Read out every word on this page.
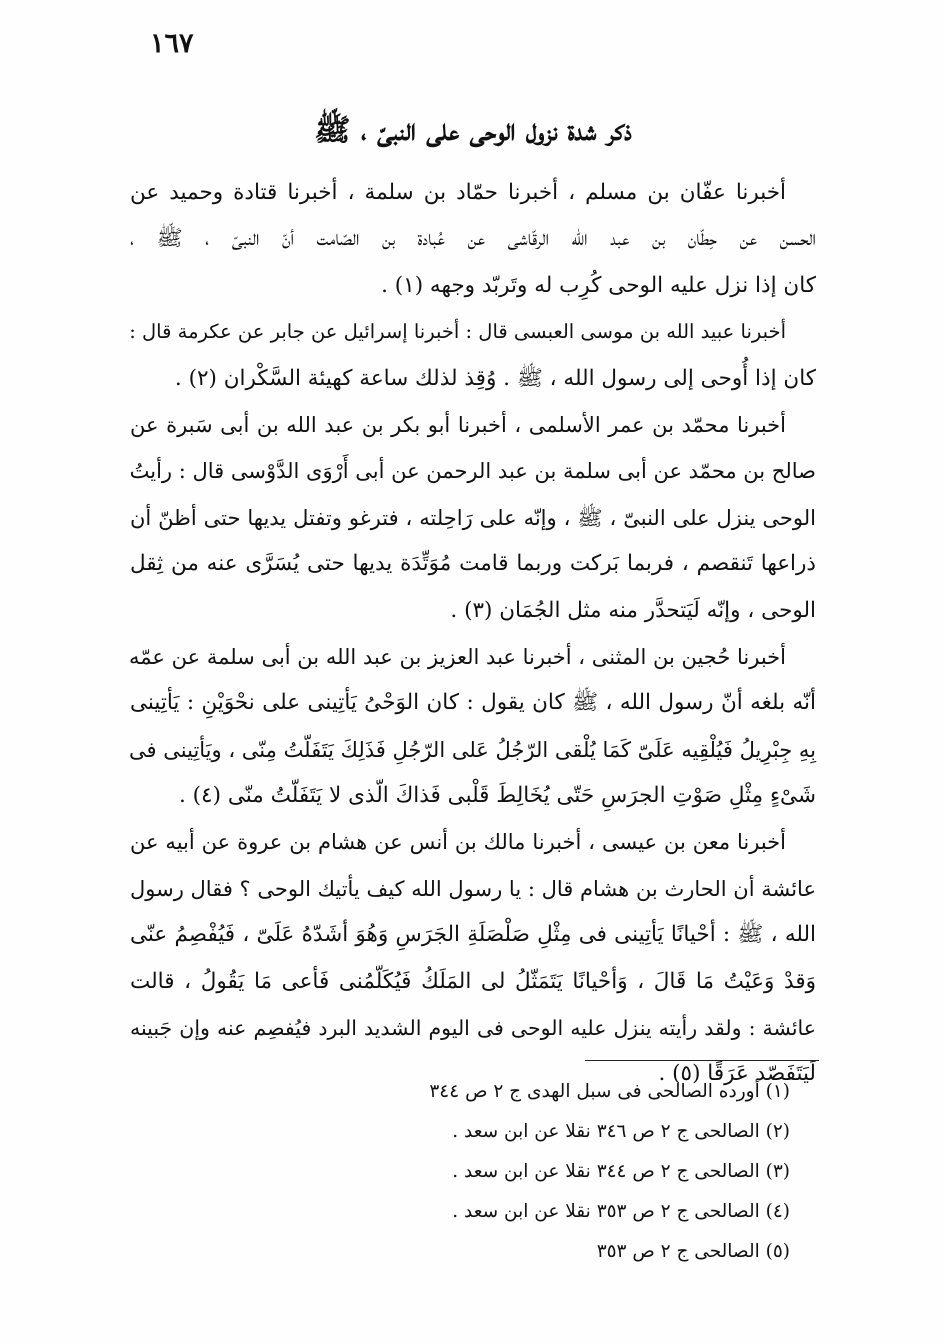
١٦٧
ذكر شدة نزول الوحى على النبىّ ، ﷺ
أخبرنا عفّان بن مسلم ، أخبرنا حمّاد بن سلمة ، أخبرنا قتادة وحميد عن
الحسن عن حِطّان بن عبد الله الرقّاشى عن عُبادة بن الصّامت أنّ النبىّ ، ﷺ ،
كان إذا نزل عليه الوحى كُرِب له وتَربّد وجهه (١) .
أخبرنا عبيد الله بن موسى العبسى قال : أخبرنا إسرائيل عن جابر عن عكرمة قال :
كان إذا أُوحى إلى رسول الله ، ﷺ . وُقِذ لذلك ساعة كهيئة السَّكْران (٢) .
أخبرنا محمّد بن عمر الأسلمى ، أخبرنا أبو بكر بن عبد الله بن أبى سَبرة عن
صالح بن محمّد عن أبى سلمة بن عبد الرحمن عن أبى أَرْوَى الدَّوْسى قال : رأيتُ
الوحى ينزل على النبىّ ، ﷺ ، وإنّه على رَاحِلته ، فترغو وتفتل يديها حتى أظنّ أن
ذراعها تَنقصم ، فربما بَركت وربما قامت مُوَتِّدَة يديها حتى يُسَرَّى عنه من ثِقل
الوحى ، وإنّه لَيَتحدَّر منه مثل الجُمَان (٣) .
أخبرنا حُجين بن المثنى ، أخبرنا عبد العزيز بن عبد الله بن أبى سلمة عن عمّه
أنّه بلغه أنّ رسول الله ، ﷺ كان يقول : كان الوَحْىُ يَأتِينى على نحْوَيْنِ : يَأتِينى
بِهِ جِبْرِيلُ فَيُلْقِيه عَلَىّ كَمَا يُلْقى الرّجُلُ عَلى الرّجُلِ فَذَلِكَ يَتَفَلّتُ مِنّى ، ويَأتِينى فى
شَىْءٍ مِثْلِ صَوْتِ الجرَسِ حَتّى يُخَالِطَ قَلْبى فَذاكَ الّذى لا يَتَفَلّتُ منّى (٤) .
أخبرنا معن بن عيسى ، أخبرنا مالك بن أنس عن هشام بن عروة عن أبيه عن
عائشة أن الحارث بن هشام قال : يا رسول الله كيف يأتيك الوحى ؟ فقال رسول
الله ، ﷺ : أحْيانًا يَأتِينى فى مِثْلِ صَلْصَلَةِ الجَرَسِ وَهُوَ أشَدّهُ عَلَىّ ، فَيُفْصِمُ عنّى
وَقدْ وَعَيْتُ مَا قَالَ ، وَأحْيانًا يَتَمَثّلُ لى المَلَكُ فَيُكَلّمُنى فَأعى مَا يَقُولُ ، قالت
عائشة : ولقد رأيته ينزل عليه الوحى فى اليوم الشديد البرد فيُفصِم عنه وإن جَبينه
لَيَتَفَصّد عَرَقًا (٥) .
(١) أورده الصالحى فى سبل الهدى ج ٢ ص ٣٤٤
(٢) الصالحى ج ٢ ص ٣٤٦ نقلا عن ابن سعد .
(٣) الصالحى ج ٢ ص ٣٤٤ نقلا عن ابن سعد .
(٤) الصالحى ج ٢ ص ٣٥٣ نقلا عن ابن سعد .
(٥) الصالحى ج ٢ ص ٣٥٣
